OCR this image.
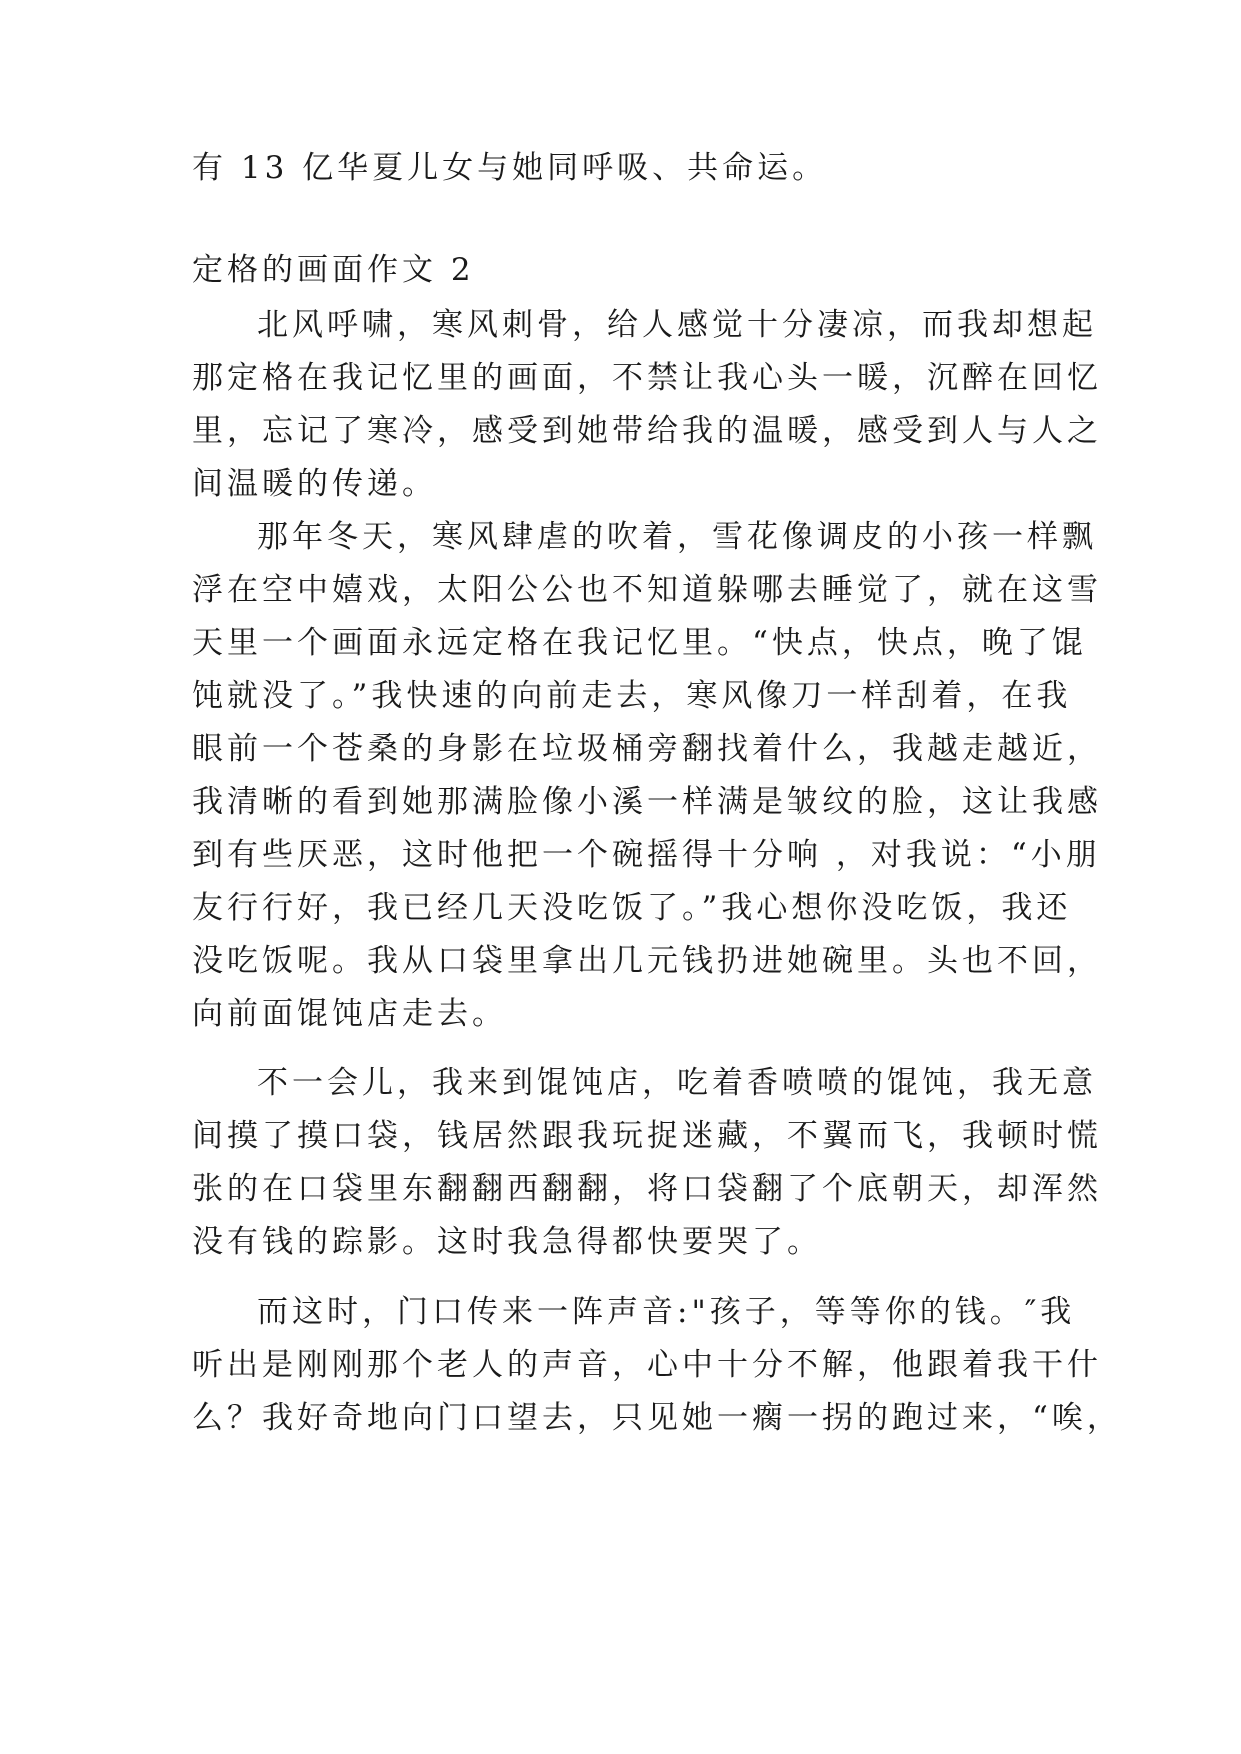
有 13 亿华夏儿女与她同呼吸、共命运。
定格的画面作文 2
北风呼啸，寒风刺骨，给人感觉十分凄凉，而我却想起
那定格在我记忆里的画面，不禁让我心头一暖，沉醉在回忆
里，忘记了寒冷，感受到她带给我的温暖，感受到人与人之
间温暖的传递。
那年冬天，寒风肆虐的吹着，雪花像调皮的小孩一样飘
浮在空中嬉戏，太阳公公也不知道躲哪去睡觉了，就在这雪
天里一个画面永远定格在我记忆里。“快点，快点，晚了馄
饨就没了。”我快速的向前走去，寒风像刀一样刮着，在我
眼前一个苍桑的身影在垃圾桶旁翻找着什么，我越走越近，
我清晰的看到她那满脸像小溪一样满是皱纹的脸，这让我感
到有些厌恶，这时他把一个碗摇得十分响 ，对我说：“小朋
友行行好，我已经几天没吃饭了。”我心想你没吃饭，我还
没吃饭呢。我从口袋里拿出几元钱扔进她碗里。头也不回，
向前面馄饨店走去。
不一会儿，我来到馄饨店，吃着香喷喷的馄饨，我无意
间摸了摸口袋，钱居然跟我玩捉迷藏，不翼而飞，我顿时慌
张的在口袋里东翻翻西翻翻，将口袋翻了个底朝天，却浑然
没有钱的踪影。这时我急得都快要哭了。
而这时，门口传来一阵声音:"孩子，等等你的钱。″我
听出是刚刚那个老人的声音，心中十分不解，他跟着我干什
么？我好奇地向门口望去，只见她一瘸一拐的跑过来，“唉，
